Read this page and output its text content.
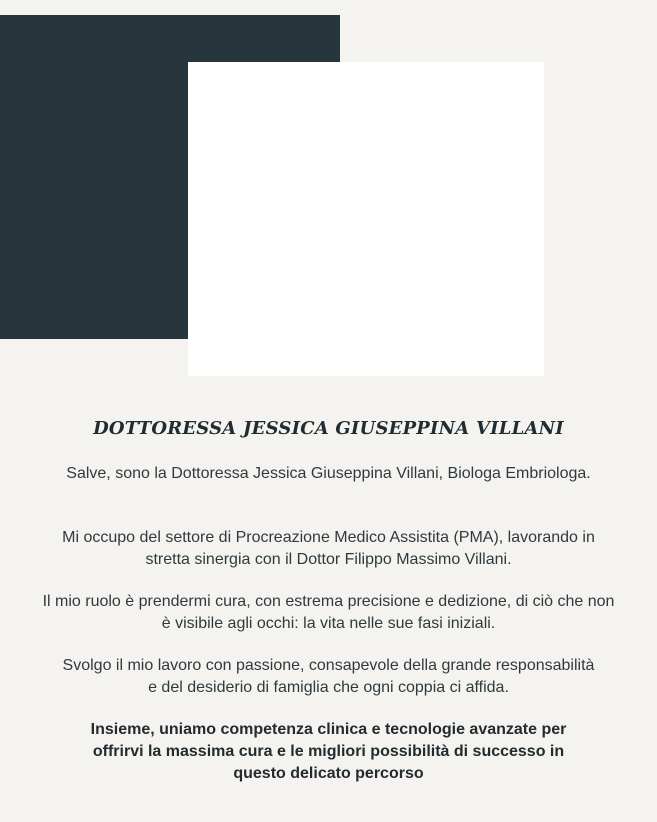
DOTTORESSA JESSICA GIUSEPPINA VILLANI
Salve, sono la Dottoressa Jessica Giuseppina Villani, Biologa Embriologa.
Mi occupo del settore di Procreazione Medico Assistita (PMA), lavorando in stretta sinergia con il Dottor Filippo Massimo Villani.
Il mio ruolo è prendermi cura, con estrema precisione e dedizione, di ciò che non è visibile agli occhi: la vita nelle sue fasi iniziali.
Svolgo il mio lavoro con passione, consapevole della grande responsabilità e del desiderio di famiglia che ogni coppia ci affida.
Insieme, uniamo competenza clinica e tecnologie avanzate per offrirvi la massima cura e le migliori possibilità di successo in questo delicato percorso
